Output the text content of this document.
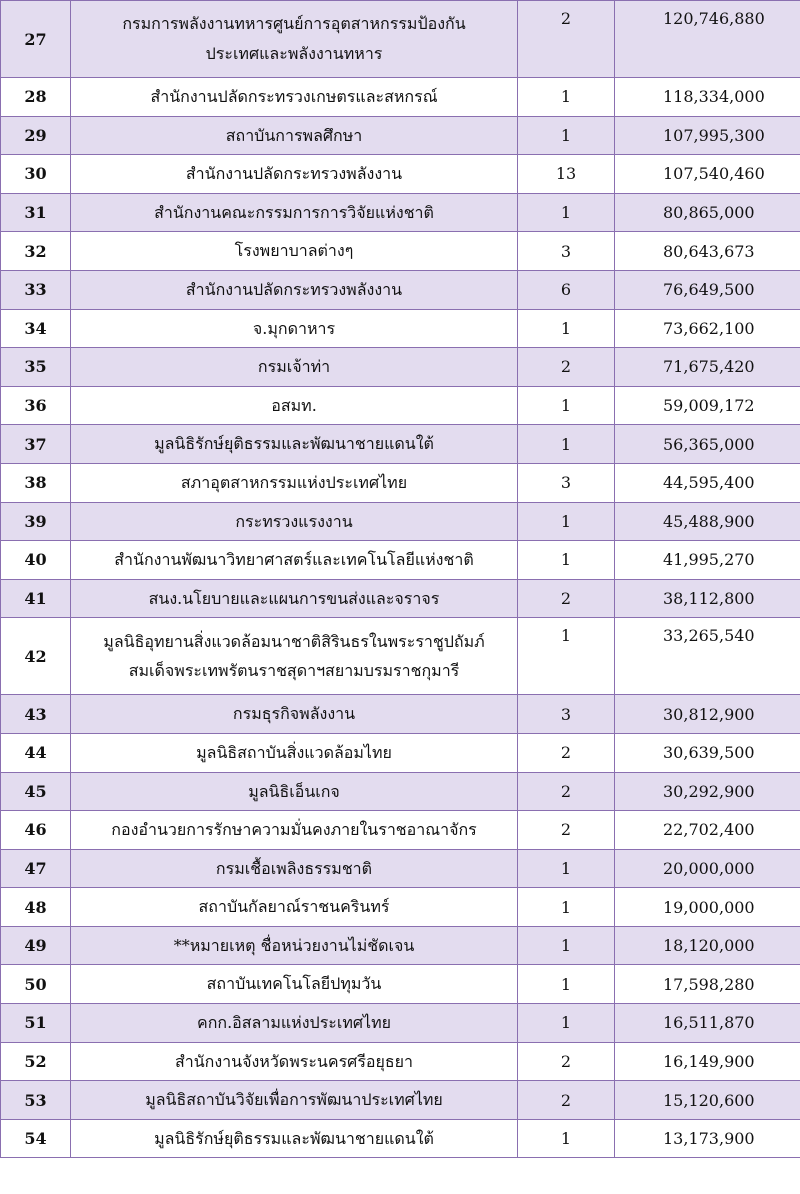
27	กรมการพลังงานทหารศูนย์การอุตสาหกรรมป้องกัน
ประเทศและพลังงานทหาร	2	120,746,880
28	สำนักงานปลัดกระทรวงเกษตรและสหกรณ์	1	118,334,000
29	สถาบันการพลศึกษา	1	107,995,300
30	สำนักงานปลัดกระทรวงพลังงาน	13	107,540,460
31	สำนักงานคณะกรรมการการวิจัยแห่งชาติ	1	80,865,000
32	โรงพยาบาลต่างๆ	3	80,643,673
33	สำนักงานปลัดกระทรวงพลังงาน	6	76,649,500
34	จ.มุกดาหาร	1	73,662,100
35	กรมเจ้าท่า	2	71,675,420
36	อสมท.	1	59,009,172
37	มูลนิธิรักษ์ยุติธรรมและพัฒนาชายแดนใต้	1	56,365,000
38	สภาอุตสาหกรรมแห่งประเทศไทย	3	44,595,400
39	กระทรวงแรงงาน	1	45,488,900
40	สำนักงานพัฒนาวิทยาศาสตร์และเทคโนโลยีแห่งชาติ	1	41,995,270
41	สนง.นโยบายและแผนการขนส่งและจราจร	2	38,112,800
42	มูลนิธิอุทยานสิ่งแวดล้อมนาชาติสิรินธรในพระราชูปถัมภ์
สมเด็จพระเทพรัตนราชสุดาฯสยามบรมราชกุมารี	1	33,265,540
43	กรมธุรกิจพลังงาน	3	30,812,900
44	มูลนิธิสถาบันสิ่งแวดล้อมไทย	2	30,639,500
45	มูลนิธิเอ็นเกจ	2	30,292,900
46	กองอำนวยการรักษาความมั่นคงภายในราชอาณาจักร	2	22,702,400
47	กรมเชื้อเพลิงธรรมชาติ	1	20,000,000
48	สถาบันกัลยาณ์ราชนครินทร์	1	19,000,000
49	**หมายเหตุ ชื่อหน่วยงานไม่ชัดเจน	1	18,120,000
50	สถาบันเทคโนโลยีปทุมวัน	1	17,598,280
51	คกก.อิสลามแห่งประเทศไทย	1	16,511,870
52	สำนักงานจังหวัดพระนครศรีอยุธยา	2	16,149,900
53	มูลนิธิสถาบันวิจัยเพื่อการพัฒนาประเทศไทย	2	15,120,600
54	มูลนิธิรักษ์ยุติธรรมและพัฒนาชายแดนใต้	1	13,173,900
